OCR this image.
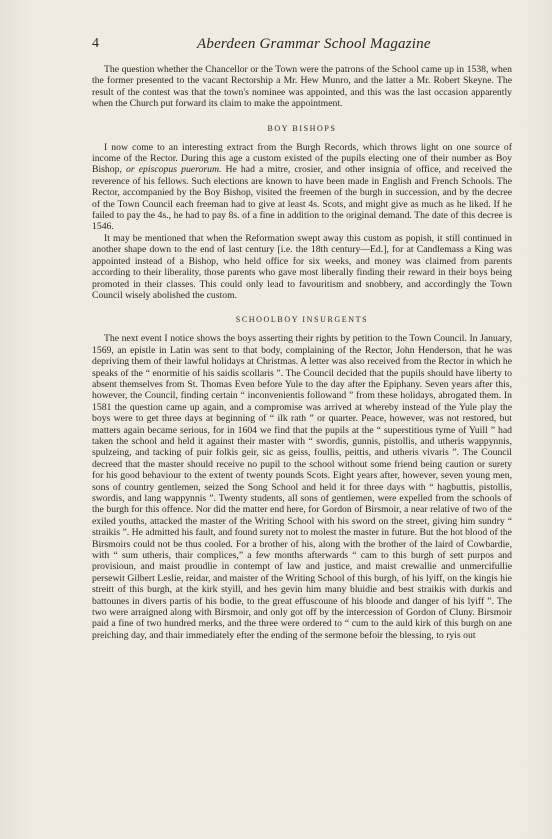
4	Aberdeen Grammar School Magazine

The question whether the Chancellor or the Town were the patrons of the School came up in 1538, when the former presented to the vacant Rectorship a Mr. Hew Munro, and the latter a Mr. Robert Skeyne. The result of the contest was that the town's nominee was appointed, and this was the last occasion apparently when the Church put forward its claim to make the appointment.

BOY BISHOPS

I now come to an interesting extract from the Burgh Records, which throws light on one source of income of the Rector. During this age a custom existed of the pupils electing one of their number as Boy Bishop, or episcopus puerorum. He had a mitre, crosier, and other insignia of office, and received the reverence of his fellows. Such elections are known to have been made in English and French Schools. The Rector, accompanied by the Boy Bishop, visited the freemen of the burgh in succession, and by the decree of the Town Council each freeman had to give at least 4s. Scots, and might give as much as he liked. If he failed to pay the 4s., he had to pay 8s. of a fine in addition to the original demand. The date of this decree is 1546.

It may be mentioned that when the Reformation swept away this custom as popish, it still continued in another shape down to the end of last century [i.e. the 18th century—Ed.], for at Candlemass a King was appointed instead of a Bishop, who held office for six weeks, and money was claimed from parents according to their liberality, those parents who gave most liberally finding their reward in their boys being promoted in their classes. This could only lead to favouritism and snobbery, and accordingly the Town Council wisely abolished the custom.

SCHOOLBOY INSURGENTS

The next event I notice shows the boys asserting their rights by petition to the Town Council. In January, 1569, an epistle in Latin was sent to that body, complaining of the Rector, John Henderson, that he was depriving them of their lawful holidays at Christmas. A letter was also received from the Rector in which he speaks of the “ enormitie of his saidis scollaris ”. The Council decided that the pupils should have liberty to absent themselves from St. Thomas Even before Yule to the day after the Epiphany. Seven years after this, however, the Council, finding certain “ inconvenientis followand ” from these holidays, abrogated them. In 1581 the question came up again, and a compromise was arrived at whereby instead of the Yule play the boys were to get three days at beginning of “ ilk rath ” or quarter. Peace, however, was not restored, but matters again became serious, for in 1604 we find that the pupils at the “ superstitious tyme of Yuill ” had taken the school and held it against their master with “ swordis, gunnis, pistollis, and utheris wappynnis, spulzeing, and tacking of puir folkis geir, sic as geiss, foullis, peittis, and utheris vivaris ”. The Council decreed that the master should receive no pupil to the school without some friend being caution or surety for his good behaviour to the extent of twenty pounds Scots. Eight years after, however, seven young men, sons of country gentlemen, seized the Song School and held it for three days with “ hagbuttis, pistollis, swordis, and lang wappynnis ”. Twenty students, all sons of gentlemen, were expelled from the schools of the burgh for this offence. Nor did the matter end here, for Gordon of Birsmoir, a near relative of two of the exiled youths, attacked the master of the Writing School with his sword on the street, giving him sundry “ straikis ”. He admitted his fault, and found surety not to molest the master in future. But the hot blood of the Birsmoirs could not be thus cooled. For a brother of his, along with the brother of the laird of Cowbardie, with “ sum utheris, thair complices,” a few months afterwards “ cam to this burgh of sett purpos and provisioun, and maist proudlie in contempt of law and justice, and maist crewallie and unmercifullie persewit Gilbert Leslie, reidar, and maister of the Writing School of this burgh, of his lyiff, on the kingis hie streitt of this burgh, at the kirk styill, and hes gevin him many bluidie and best straikis with durkis and battounes in divers partis of his bodie, to the great effuscoune of his bloode and danger of his lyiff ”. The two were arraigned along with Birsmoir, and only got off by the intercession of Gordon of Cluny. Birsmoir paid a fine of two hundred merks, and the three were ordered to “ cum to the auld kirk of this burgh on ane preiching day, and thair immediately efter the ending of the sermone befoir the blessing, to ryis out
